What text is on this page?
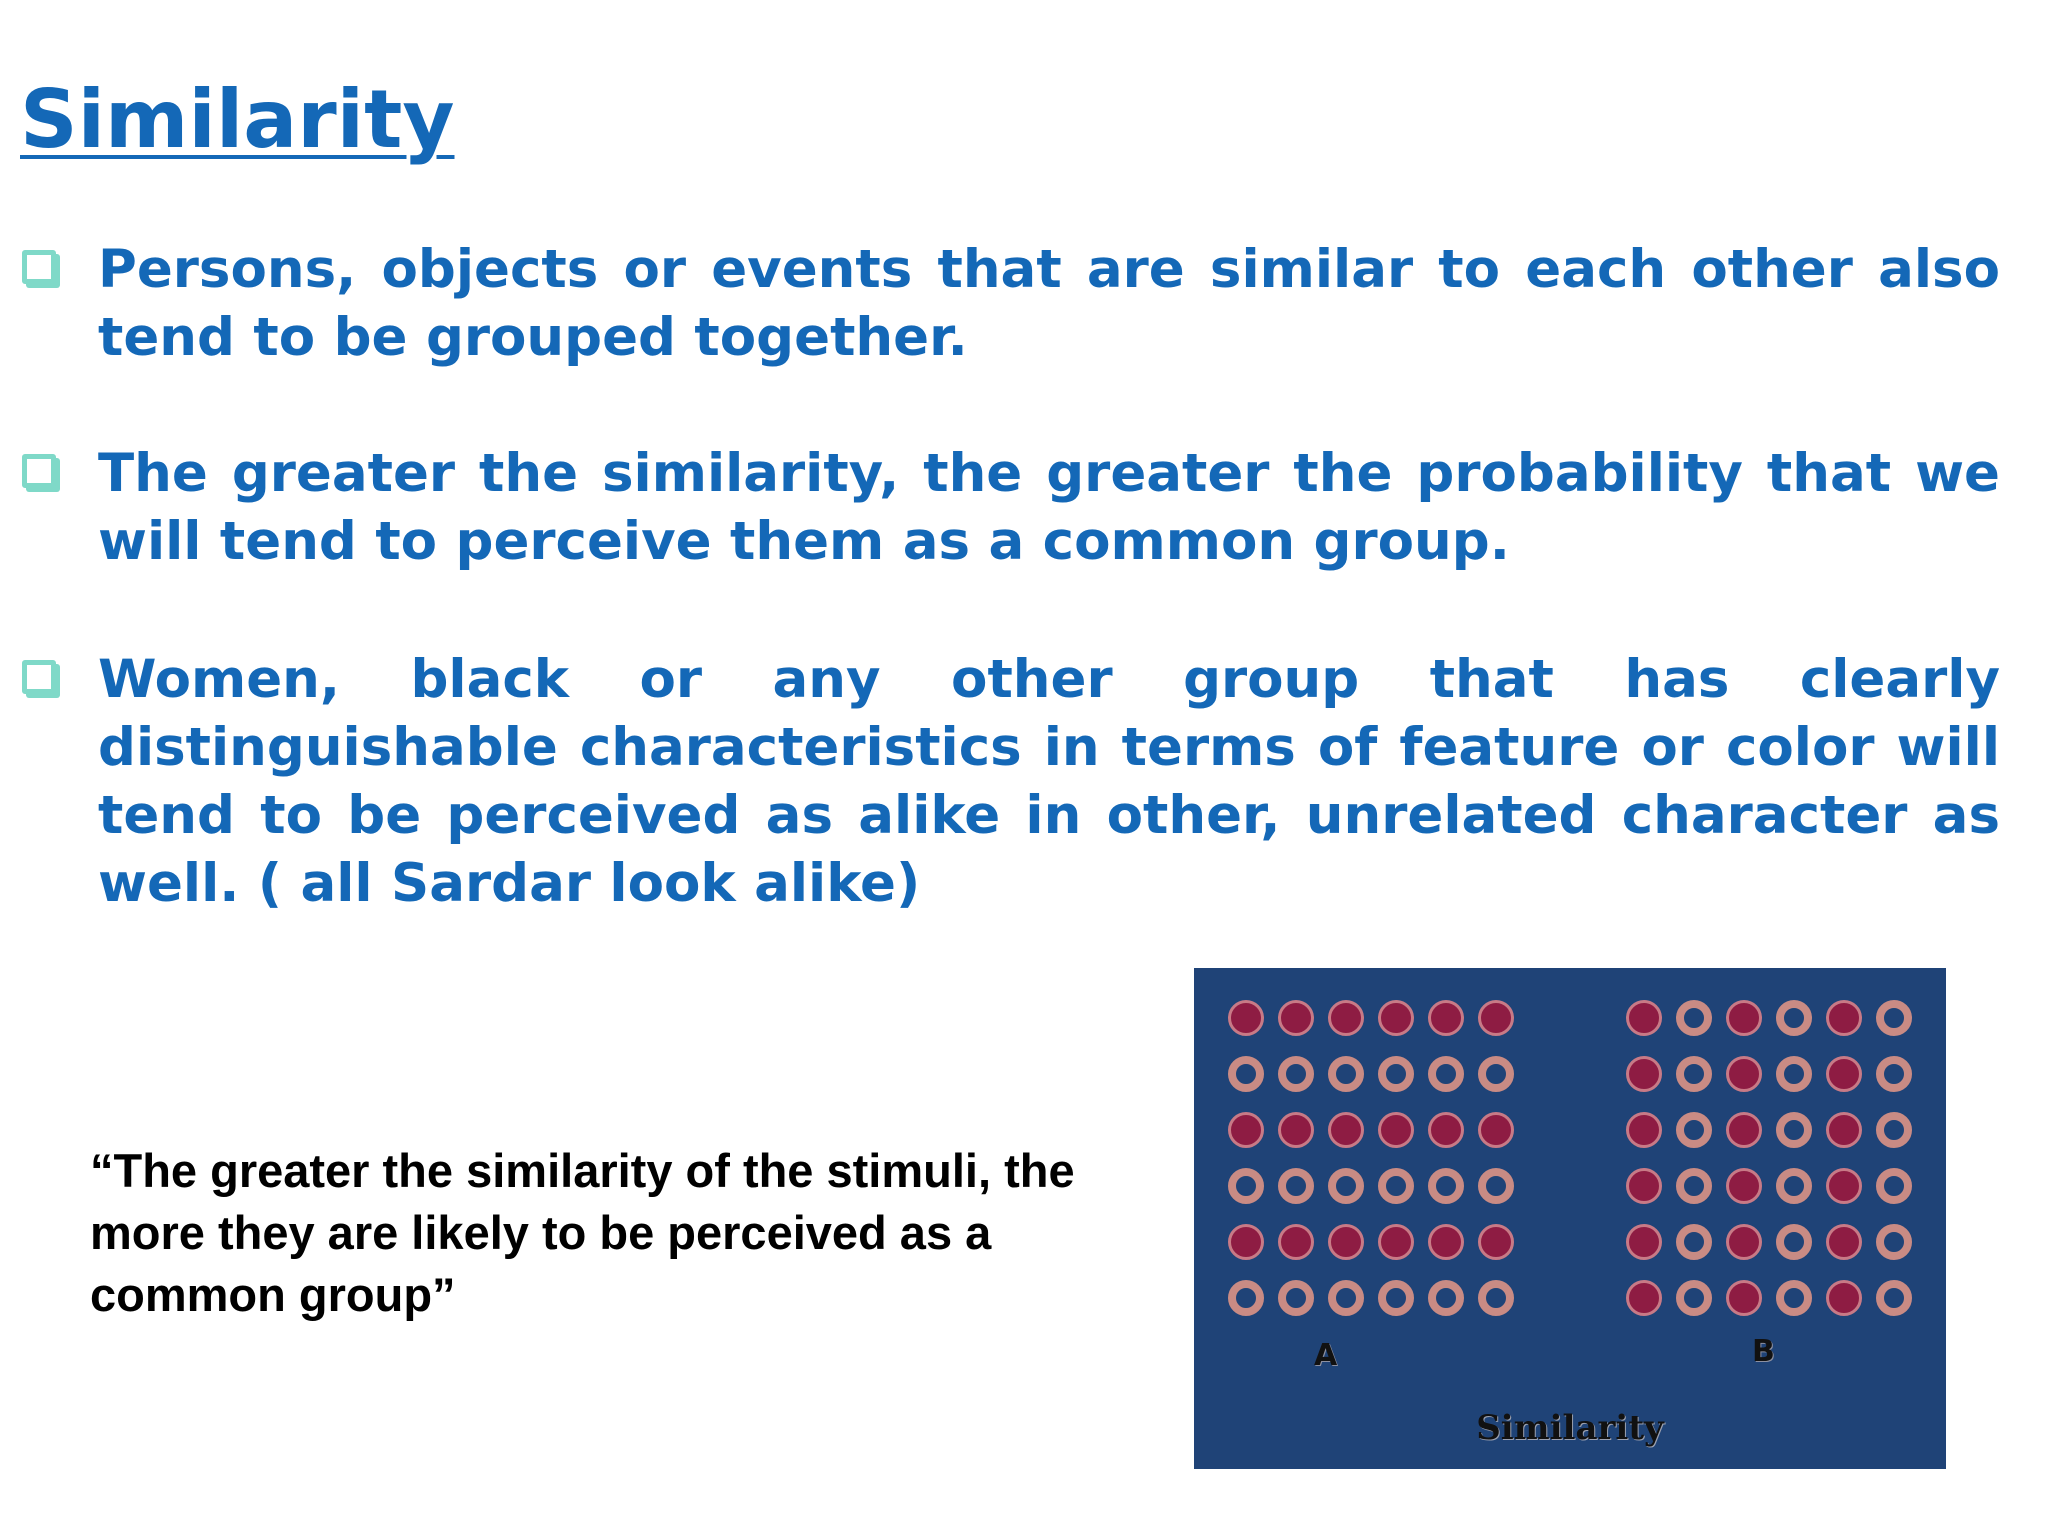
Similarity
Persons, objects or events that are similar to each other also tend to be grouped together.
The greater the similarity, the greater the probability that we will tend to perceive them as a common group.
Women, black or any other group that has clearly distinguishable characteristics in terms of feature or color will tend to be perceived as alike in other, unrelated character as well. ( all Sardar look alike)

“The greater the similarity of the stimuli, the more they are likely to be perceived as a common group”

A	B
Similarity
